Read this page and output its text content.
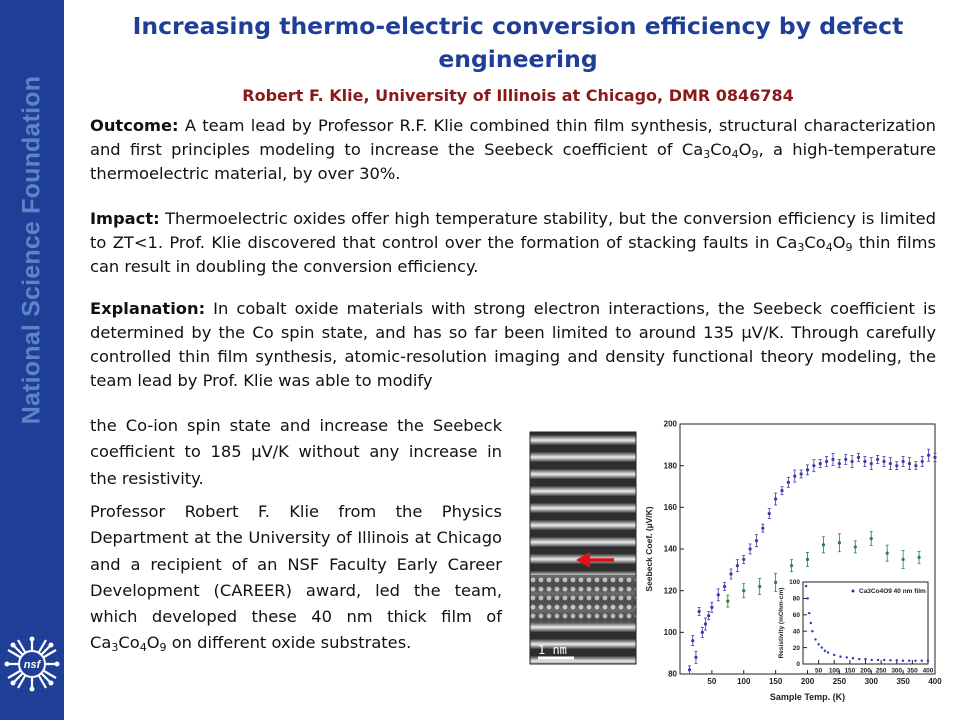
National Science Foundation
nsf
Increasing thermo-electric conversion efficiency by defect engineering
Robert F. Klie, University of Illinois at Chicago, DMR 0846784
Outcome: A team lead by Professor R.F. Klie combined thin film synthesis, structural characterization and first principles modeling to increase the Seebeck coefficient of $Ca_3Co_4O_9$, a high-temperature thermoelectric material, by over 30%.
Impact: Thermoelectric oxides offer high temperature stability, but the conversion efficiency is limited to ZT<1. Prof. Klie discovered that control over the formation of stacking faults in $Ca_3Co_4O_9$ thin films can result in doubling the conversion efficiency.
Explanation: In cobalt oxide materials with strong electron interactions, the Seebeck coefficient is determined by the Co spin state, and has so far been limited to around 135 µV/K. Through carefully controlled thin film synthesis, atomic-resolution imaging and density functional theory modeling, the team lead by Prof. Klie was able to modify
the Co-ion spin state and increase the Seebeck coefficient to 185 µV/K without any increase in the resistivity.
Professor Robert F. Klie from the Physics Department at the University of Illinois at Chicago and a recipient of an NSF Faculty Early Career Development (CAREER) award, led the team, which developed these 40 nm thick film of $Ca_3Co_4O_9$ on different oxide substrates.	1 nm
80
100
120
140
160
180
200
50	100 150 200 250 300 350 400
Seebeck Coef. (µV/K)
Sample Temp. (K)
0
20
40
60
80
100
50 100 150 200 250 300 350 400
Resistivity (mOhm-cm)	Ca3Co4O9 40 nm film
